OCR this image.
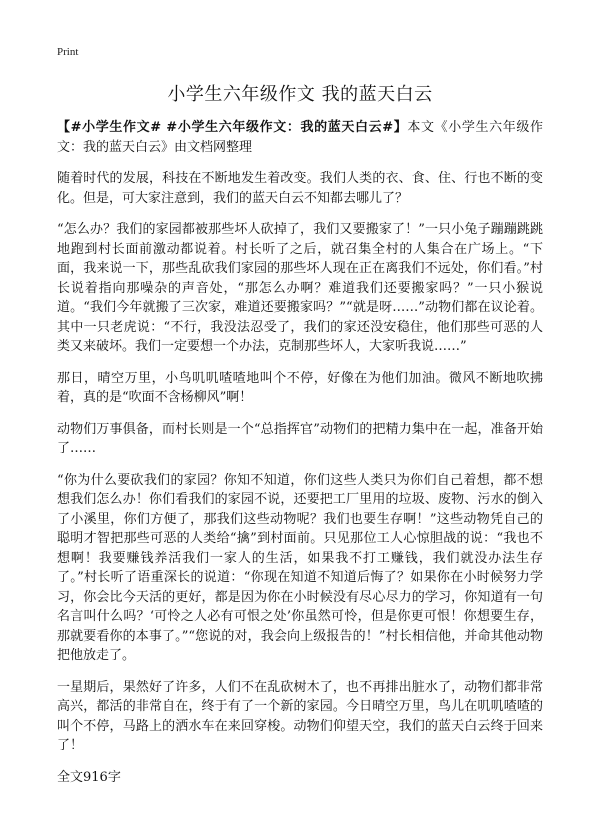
Print
小学生六年级作文 我的蓝天白云

【#小学生作文# #小学生六年级作文：我的蓝天白云#】本文《小学生六年级作文：我的蓝天白云》由文档网整理

随着时代的发展，科技在不断地发生着改变。我们人类的衣、食、住、行也不断的变化。但是，可大家注意到，我们的蓝天白云不知都去哪儿了？

“怎么办？我们的家园都被那些坏人砍掉了，我们又要搬家了！”一只小兔子蹦蹦跳跳地跑到村长面前激动都说着。村长听了之后，就召集全村的人集合在广场上。“下面，我来说一下，那些乱砍我们家园的那些坏人现在正在离我们不远处，你们看。”村长说着指向那噪杂的声音处，“那怎么办啊？难道我们还要搬家吗？”一只小猴说道。“我们今年就搬了三次家，难道还要搬家吗？”“就是呀……”动物们都在议论着。其中一只老虎说：“不行，我没法忍受了，我们的家还没安稳住，他们那些可恶的人类又来破坏。我们一定要想一个办法，克制那些坏人，大家听我说……”

那日，晴空万里，小鸟叽叽喳喳地叫个不停，好像在为他们加油。微风不断地吹拂着，真的是“吹面不含杨柳风”啊！

动物们万事俱备，而村长则是一个“总指挥官”动物们的把精力集中在一起，准备开始了……

“你为什么要砍我们的家园？你知不知道，你们这些人类只为你们自己着想，都不想想我们怎么办！你们看我们的家园不说，还要把工厂里用的垃圾、废物、污水的倒入了小溪里，你们方便了，那我们这些动物呢？我们也要生存啊！”这些动物凭自己的聪明才智把那些可恶的人类给“擒”到村面前。只见那位工人心惊胆战的说：“我也不想啊！我要赚钱养活我们一家人的生活，如果我不打工赚钱，我们就没办法生存了。”村长听了语重深长的说道：“你现在知道不知道后悔了？如果你在小时候努力学习，你会比今天活的更好，都是因为你在小时候没有尽心尽力的学习，你知道有一句名言叫什么吗？‘可怜之人必有可恨之处’你虽然可怜，但是你更可恨！你想要生存，那就要看你的本事了。”“您说的对，我会向上级报告的！”村长相信他，并命其他动物把他放走了。

一星期后，果然好了许多，人们不在乱砍树木了，也不再排出脏水了，动物们都非常高兴，都活的非常自在，终于有了一个新的家园。今日晴空万里，鸟儿在叽叽喳喳的叫个不停，马路上的洒水车在来回穿梭。动物们仰望天空，我们的蓝天白云终于回来了！

全文916字
